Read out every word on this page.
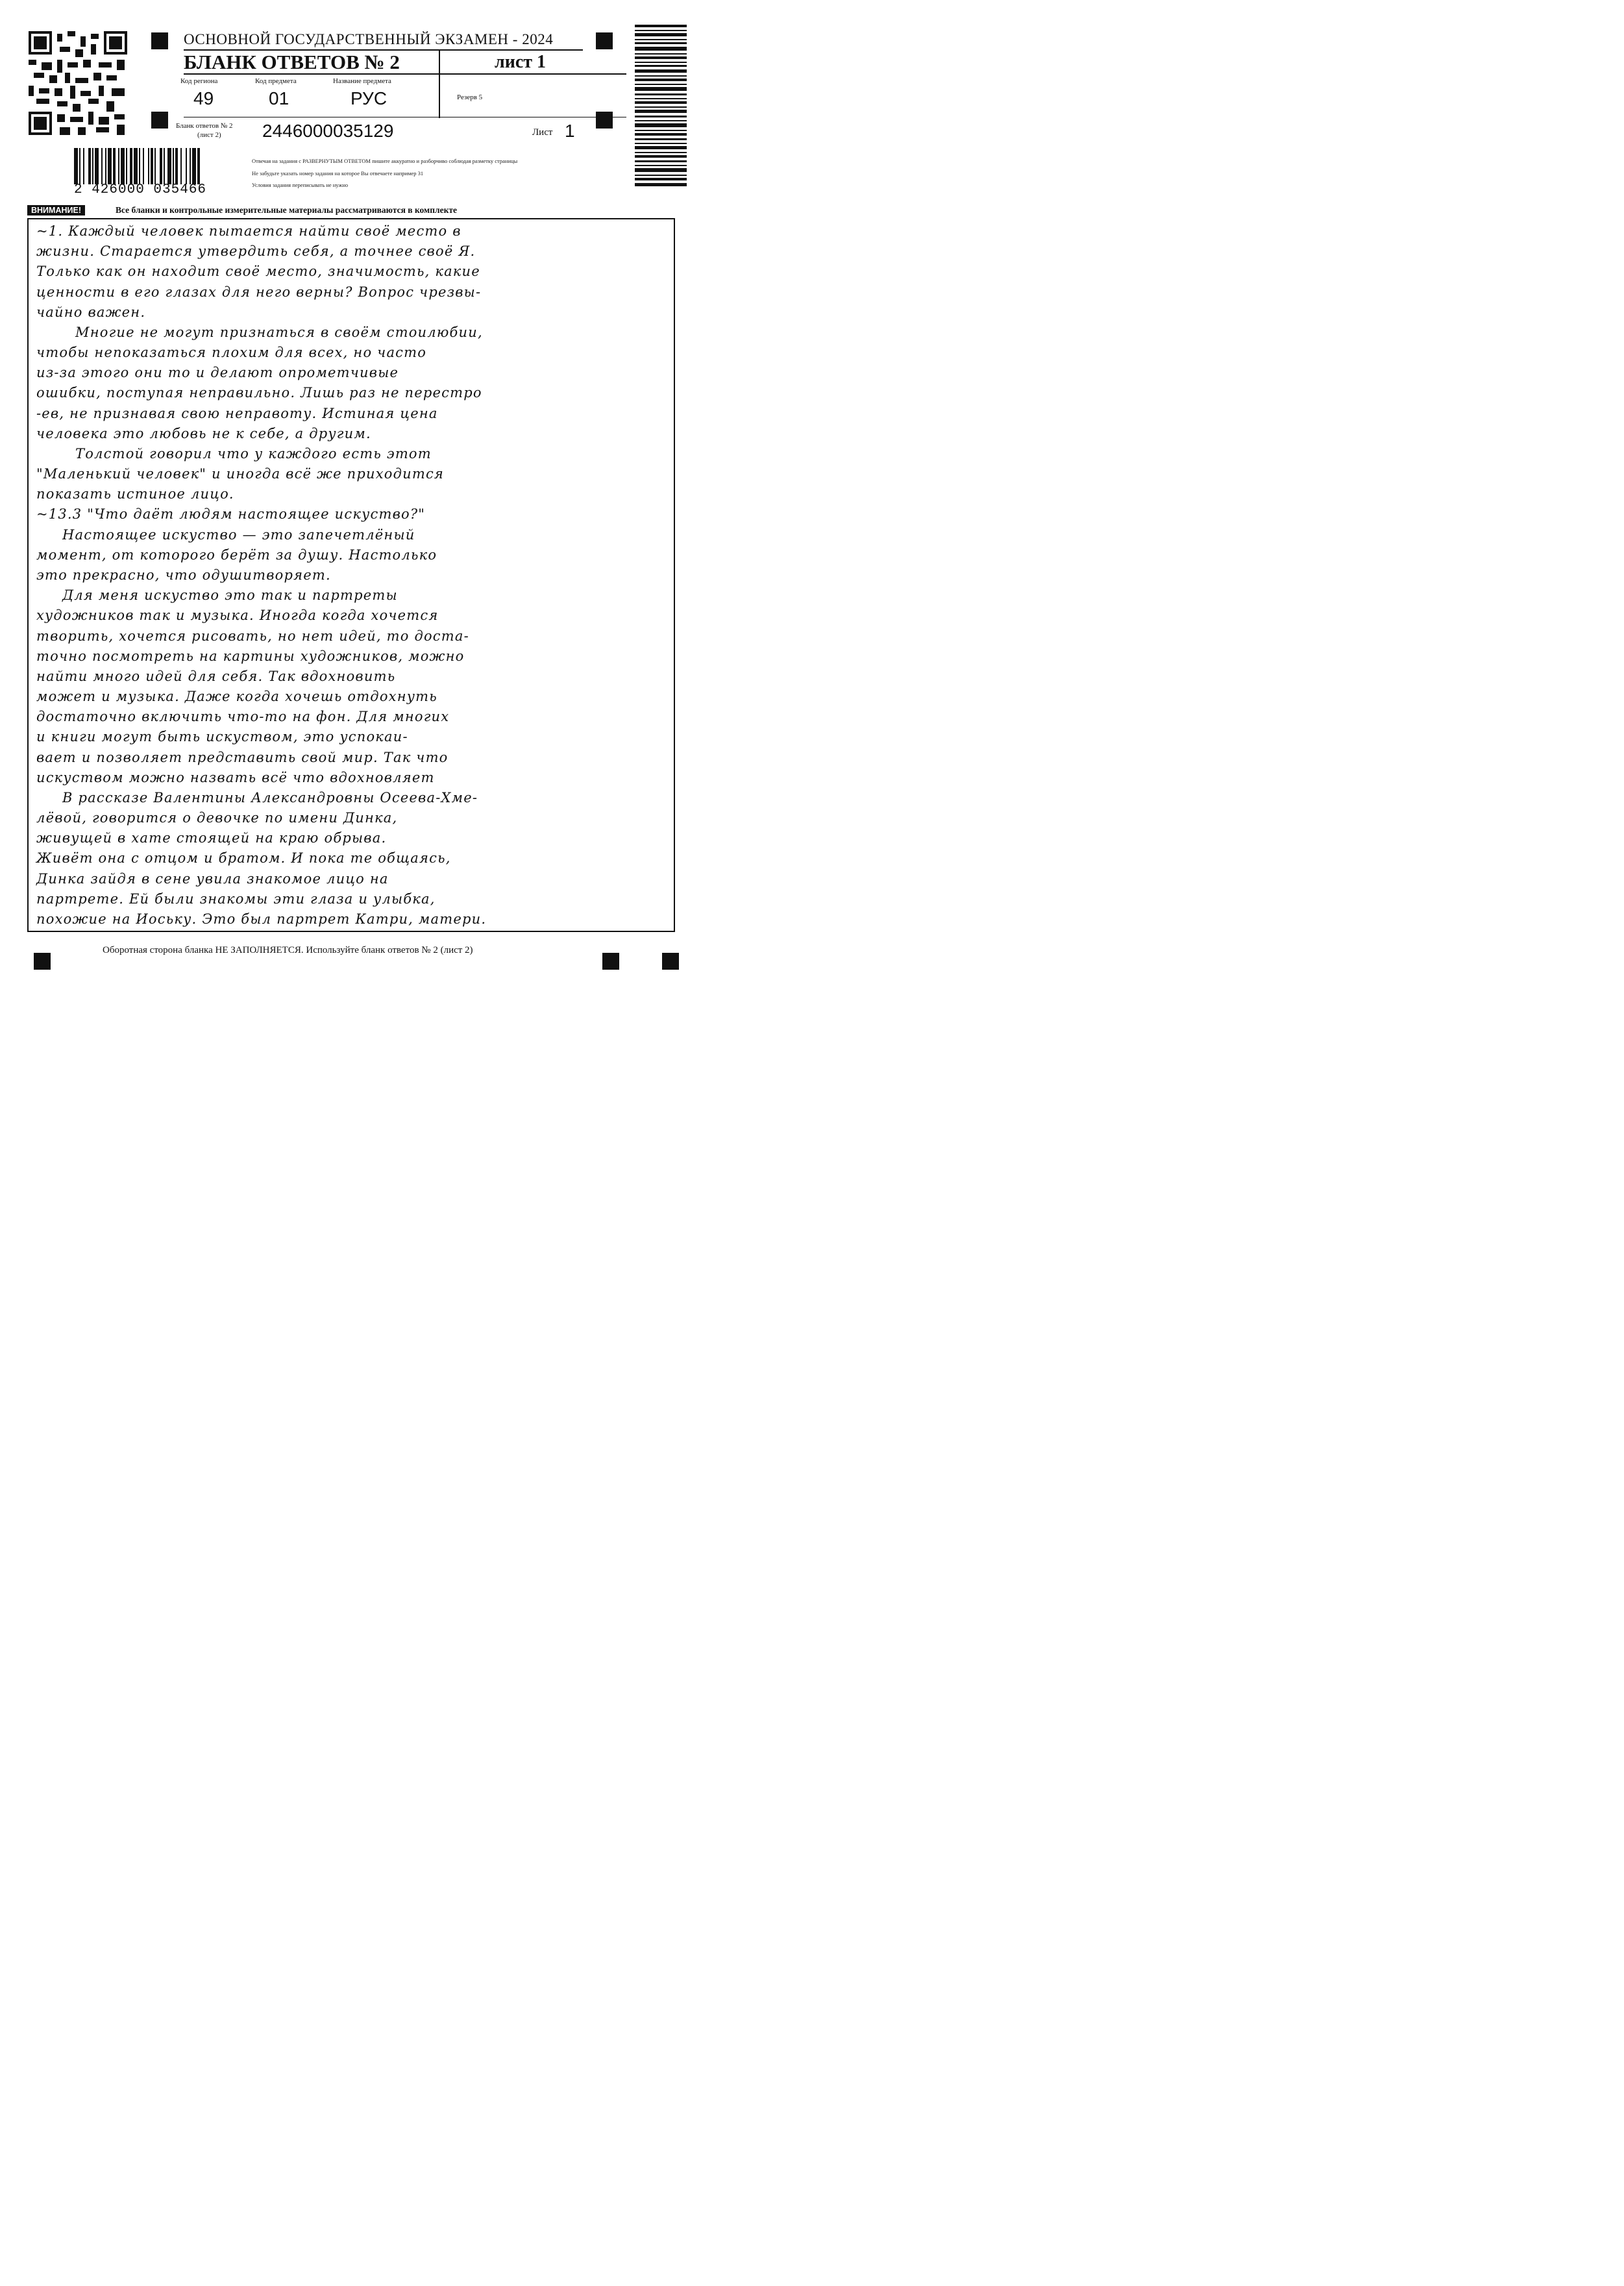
ОСНОВНОЙ ГОСУДАРСТВЕННЫЙ ЭКЗАМЕН - 2024
БЛАНК ОТВЕТОВ № 2	лист 1
Код региона	Код предмета	Название предмета
49	01	РУС	Резерв 5
Бланк ответов № 2
(лист 2) 2446000035129	Лист 1
Отвечая на задания с РАЗВЕРНУТЫМ ОТВЕТОМ пишите аккуратно и разборчиво соблюдая разметку страницы
Не забудьте указать номер задания на которое Вы отвечаете например 31
Условия задания переписывать не нужно
2 426000 035466
ВНИМАНИЕ!	Все бланки и контрольные измерительные материалы рассматриваются в комплекте
~1. Каждый человек пытается найти своё место в
жизни. Старается утвердить себя, а точнее своё Я.
Только как он находит своё место, значимость, какие
ценности в его глазах для него верны? Вопрос чрезвы-
чайно важен.
Многие не могут признаться в своём стоилюбии,
чтобы непоказаться плохим для всех, но часто
из-за этого они то и делают опрометчивые
ошибки, поступая неправильно. Лишь раз не перестро
-ев, не признавая свою неправоту. Истиная цена
человека это любовь не к себе, а другим.
Толстой говорил что у каждого есть этот
"Маленький человек" и иногда всё же приходится
показать истиное лицо.
~13.3 "Что даёт людям настоящее искуство?"
Настоящее искуство — это запечетлёный
момент, от которого берёт за душу. Настолько
это прекрасно, что одушитворяет.
Для меня искуство это так и партреты
художников так и музыка. Иногда когда хочется
творить, хочется рисовать, но нет идей, то доста-
точно посмотреть на картины художников, можно
найти много идей для себя. Так вдохновить
может и музыка. Даже когда хочешь отдохнуть
достаточно включить что-то на фон. Для многих
и книги могут быть искуством, это успокаи-
вает и позволяет представить свой мир. Так что
искуством можно назвать всё что вдохновляет
В рассказе Валентины Александровны Осеева-Хмe-
лёвой, говорится о девочке по имени Динка,
живущей в хате стоящей на краю обрыва.
Живёт она с отцом и братом. И пока те общаясь,
Динка зайдя в сене увила знакомое лицо на
партрете. Ей были знакомы эти глаза и улыбка,
похожие на Иоську. Это был партрет Катри, матери.
Оборотная сторона бланка НЕ ЗАПОЛНЯЕТСЯ. Используйте бланк ответов № 2 (лист 2)
